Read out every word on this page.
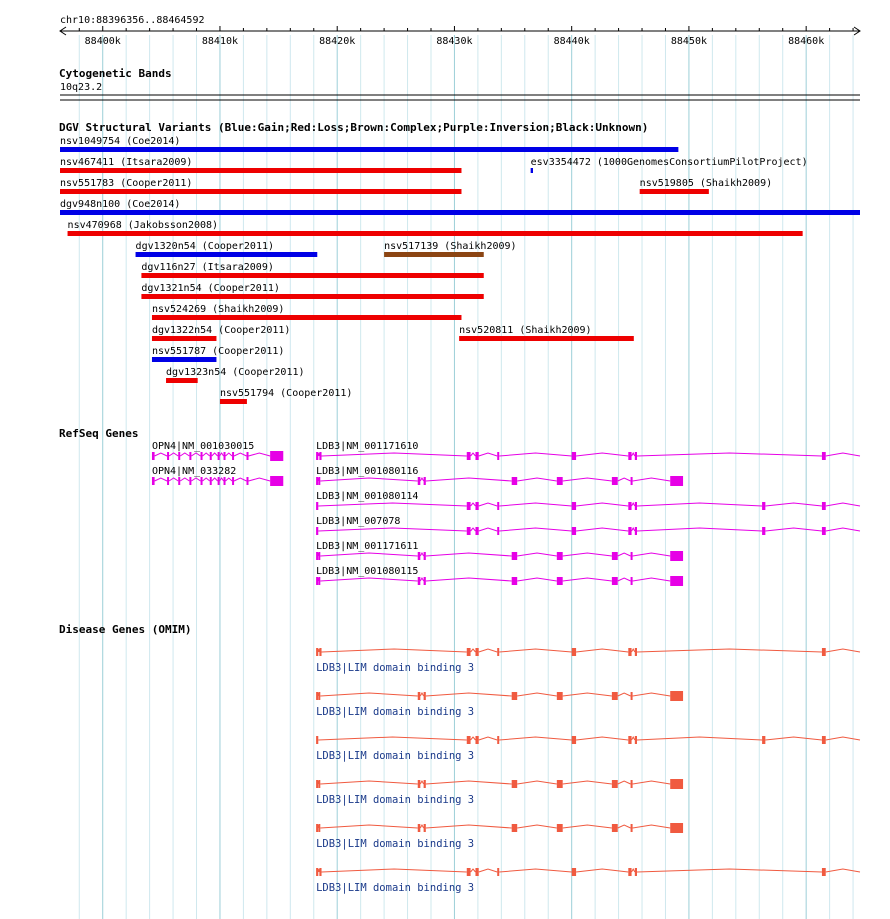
chr10:88396356..88464592
88400k	88410k	88420k	88430k	88440k	88450k	88460k
Cytogenetic Bands
10q23.2
DGV Structural Variants (Blue:Gain;Red:Loss;Brown:Complex;Purple:Inversion;Black:Unknown)
nsv1049754 (Coe2014)
nsv467411 (Itsara2009)	esv3354472 (1000GenomesConsortiumPilotProject)
nsv551783 (Cooper2011)	nsv519805 (Shaikh2009)
dgv948n100 (Coe2014)
nsv470968 (Jakobsson2008)
dgv1320n54 (Cooper2011)	nsv517139 (Shaikh2009)
dgv116n27 (Itsara2009)
dgv1321n54 (Cooper2011)
nsv524269 (Shaikh2009)
dgv1322n54 (Cooper2011)	nsv520811 (Shaikh2009)
nsv551787 (Cooper2011)
dgv1323n54 (Cooper2011)
nsv551794 (Cooper2011)
RefSeq Genes
OPN4|NM_001030015
OPN4|NM_033282
LDB3|NM_001171610
LDB3|NM_001080116
LDB3|NM_001080114
LDB3|NM_007078
LDB3|NM_001171611
LDB3|NM_001080115
Disease Genes (OMIM)
LDB3|LIM domain binding 3
LDB3|LIM domain binding 3
LDB3|LIM domain binding 3
LDB3|LIM domain binding 3
LDB3|LIM domain binding 3
LDB3|LIM domain binding 3
